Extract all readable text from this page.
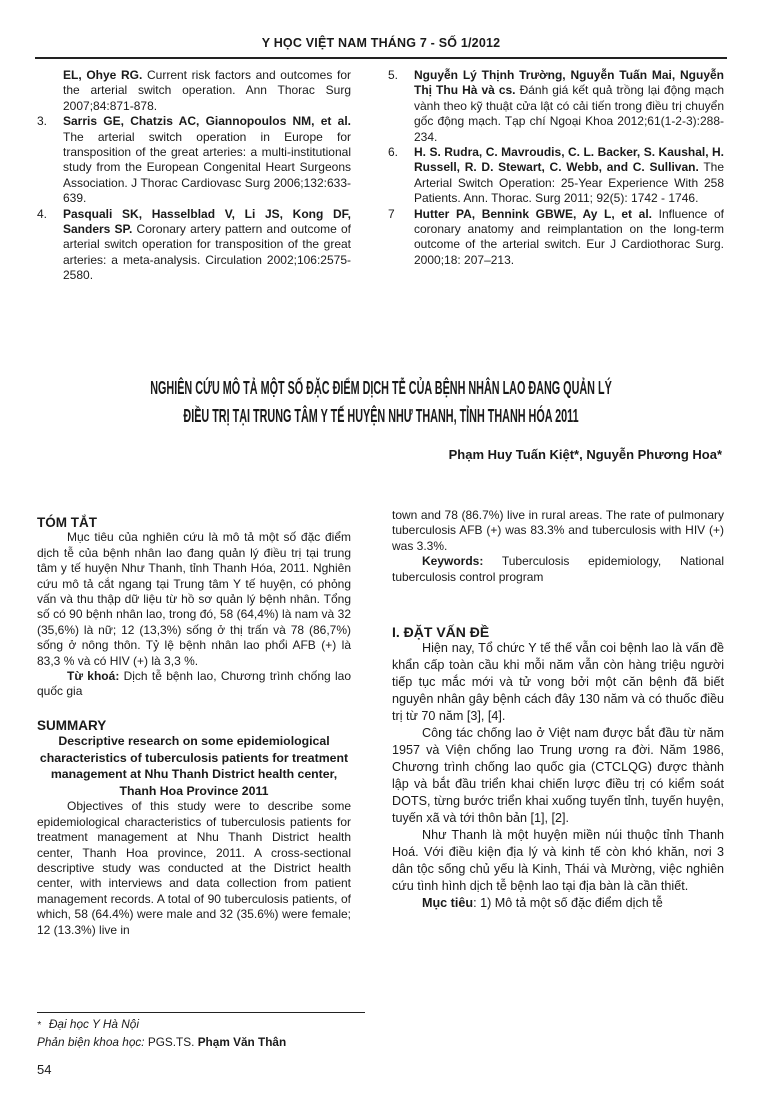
Y HỌC VIỆT NAM THÁNG 7 - SỐ 1/2012

EL, Ohye RG. Current risk factors and outcomes for the arterial switch operation. Ann Thorac Surg 2007;84:871-878.

3. Sarris GE, Chatzis AC, Giannopoulos NM, et al. The arterial switch operation in Europe for transposition of the great arteries: a multi-institutional study from the European Congenital Heart Surgeons Association. J Thorac Cardiovasc Surg 2006;132:633-639.

4. Pasquali SK, Hasselblad V, Li JS, Kong DF, Sanders SP. Coronary artery pattern and outcome of arterial switch operation for transposition of the great arteries: a meta-analysis. Circulation 2002;106:2575-2580.

5. Nguyễn Lý Thịnh Trường, Nguyễn Tuấn Mai, Nguyễn Thị Thu Hà và cs. Đánh giá kết quả trồng lại động mạch vành theo kỹ thuật cửa lật có cải tiến trong điều trị chuyển gốc động mạch. Tạp chí Ngoại Khoa 2012;61(1-2-3):288-234.

6. H. S. Rudra, C. Mavroudis, C. L. Backer, S. Kaushal, H. Russell, R. D. Stewart, C. Webb, and C. Sullivan. The Arterial Switch Operation: 25-Year Experience With 258 Patients. Ann. Thorac. Surg 2011; 92(5): 1742 - 1746.

7 Hutter PA, Bennink GBWE, Ay L, et al. Influence of coronary anatomy and reimplantation on the long-term outcome of the arterial switch. Eur J Cardiothorac Surg. 2000;18: 207–213.

NGHIÊN CỨU MÔ TẢ MỘT SỐ ĐẶC ĐIỂM DỊCH TỄ CỦA BỆNH NHÂN LAO ĐANG QUẢN LÝ
ĐIỀU TRỊ TẠI TRUNG TÂM Y TẾ HUYỆN NHƯ THANH, TỈNH THANH HÓA 2011
Phạm Huy Tuấn Kiệt*, Nguyễn Phương Hoa*
TÓM TẮT

Mục tiêu của nghiên cứu là mô tả một số đặc điểm dịch tễ của bệnh nhân lao đang quản lý điều trị tại trung tâm y tế huyện Như Thanh, tỉnh Thanh Hóa, 2011. Nghiên cứu mô tả cắt ngang tại Trung tâm Y tế huyện, có phỏng vấn và thu thập dữ liệu từ hồ sơ quản lý bệnh nhân. Tổng số có 90 bệnh nhân lao, trong đó, 58 (64,4%) là nam và 32 (35,6%) là nữ; 12 (13,3%) sống ở thị trấn và 78 (86,7%) sống ở nông thôn. Tỷ lệ bệnh nhân lao phổi AFB (+) là 83,3 % và có HIV (+) là 3,3 %.

Từ khoá: Dịch tễ bệnh lao, Chương trình chống lao quốc gia

SUMMARY

Descriptive research on some epidemiological characteristics of tuberculosis patients for treatment management at Nhu Thanh District health center, Thanh Hoa Province 2011

Objectives of this study were to describe some epidemiological characteristics of tuberculosis patients for treatment management at Nhu Thanh District health center, Thanh Hoa province, 2011. A cross-sectional descriptive study was conducted at the District health center, with interviews and data collection from patient management records. A total of 90 tuberculosis patients, of which, 58 (64.4%) were male and 32 (35.6%) were female; 12 (13.3%) live in

town and 78 (86.7%) live in rural areas. The rate of pulmonary tuberculosis AFB (+) was 83.3% and tuberculosis with HIV (+) was 3.3%.

Keywords: Tuberculosis epidemiology, National tuberculosis control program

I. ĐẶT VẤN ĐỀ

Hiện nay, Tổ chức Y tế thế vẫn coi bệnh lao là vấn đề khẩn cấp toàn cầu khi mỗi năm vẫn còn hàng triệu người tiếp tục mắc mới và tử vong bởi một căn bệnh đã biết nguyên nhân gây bệnh cách đây 130 năm và có thuốc điều trị từ 70 năm [3], [4].

Công tác chống lao ở Việt nam được bắt đầu từ năm 1957 và Viện chống lao Trung ương ra đời. Năm 1986, Chương trình chống lao quốc gia (CTCLQG) được thành lập và bắt đầu triển khai chiến lược điều trị có kiểm soát DOTS, từng bước triển khai xuống tuyến tỉnh, tuyến huyện, tuyến xã và tới thôn bản [1], [2].

Như Thanh là một huyện miền núi thuộc tỉnh Thanh Hoá. Với điều kiện địa lý và kinh tế còn khó khăn, nơi 3 dân tộc sống chủ yếu là Kinh, Thái và Mường, việc nghiên cứu tình hình dịch tễ bệnh lao tại địa bàn là cần thiết.

Mục tiêu: 1) Mô tả một số đặc điểm dịch tễ

* Đại học Y Hà Nội
Phản biện khoa học: PGS.TS. Phạm Văn Thân
54
